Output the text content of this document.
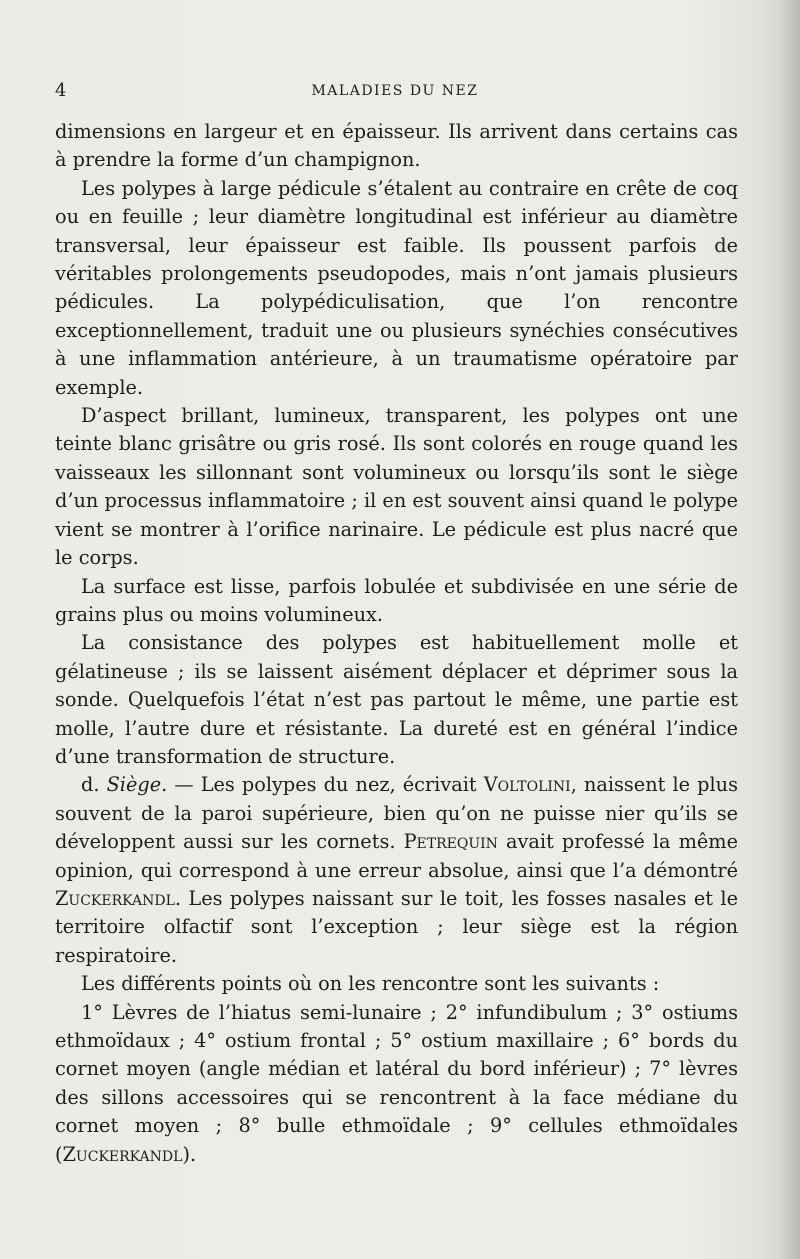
4	MALADIES DU NEZ

dimensions en largeur et en épaisseur. Ils arrivent dans certains cas à prendre la forme d’un champignon.

Les polypes à large pédicule s’étalent au contraire en crête de coq ou en feuille ; leur diamètre longitudinal est inférieur au diamètre transversal, leur épaisseur est faible. Ils poussent parfois de véritables prolongements pseudopodes, mais n’ont jamais plusieurs pédicules. La polypédiculisation, que l’on rencontre exceptionnellement, traduit une ou plusieurs synéchies consécutives à une inflammation antérieure, à un traumatisme opératoire par exemple.

D’aspect brillant, lumineux, transparent, les polypes ont une teinte blanc grisâtre ou gris rosé. Ils sont colorés en rouge quand les vaisseaux les sillonnant sont volumineux ou lorsqu’ils sont le siège d’un processus inflammatoire ; il en est souvent ainsi quand le polype vient se montrer à l’orifice narinaire. Le pédicule est plus nacré que le corps.

La surface est lisse, parfois lobulée et subdivisée en une série de grains plus ou moins volumineux.

La consistance des polypes est habituellement molle et gélatineuse ; ils se laissent aisément déplacer et déprimer sous la sonde. Quelquefois l’état n’est pas partout le même, une partie est molle, l’autre dure et résistante. La dureté est en général l’indice d’une transformation de structure.

d. Siège. — Les polypes du nez, écrivait Voltolini, naissent le plus souvent de la paroi supérieure, bien qu’on ne puisse nier qu’ils se développent aussi sur les cornets. Petrequin avait professé la même opinion, qui correspond à une erreur absolue, ainsi que l’a démontré Zuckerkandl. Les polypes naissant sur le toit, les fosses nasales et le territoire olfactif sont l’exception ; leur siège est la région respiratoire.

Les différents points où on les rencontre sont les suivants :

1° Lèvres de l’hiatus semi-lunaire ; 2° infundibulum ; 3° ostiums ethmoïdaux ; 4° ostium frontal ; 5° ostium maxillaire ; 6° bords du cornet moyen (angle médian et latéral du bord inférieur) ; 7° lèvres des sillons accessoires qui se rencontrent à la face médiane du cornet moyen ; 8° bulle ethmoïdale ; 9° cellules ethmoïdales (Zuckerkandl).
